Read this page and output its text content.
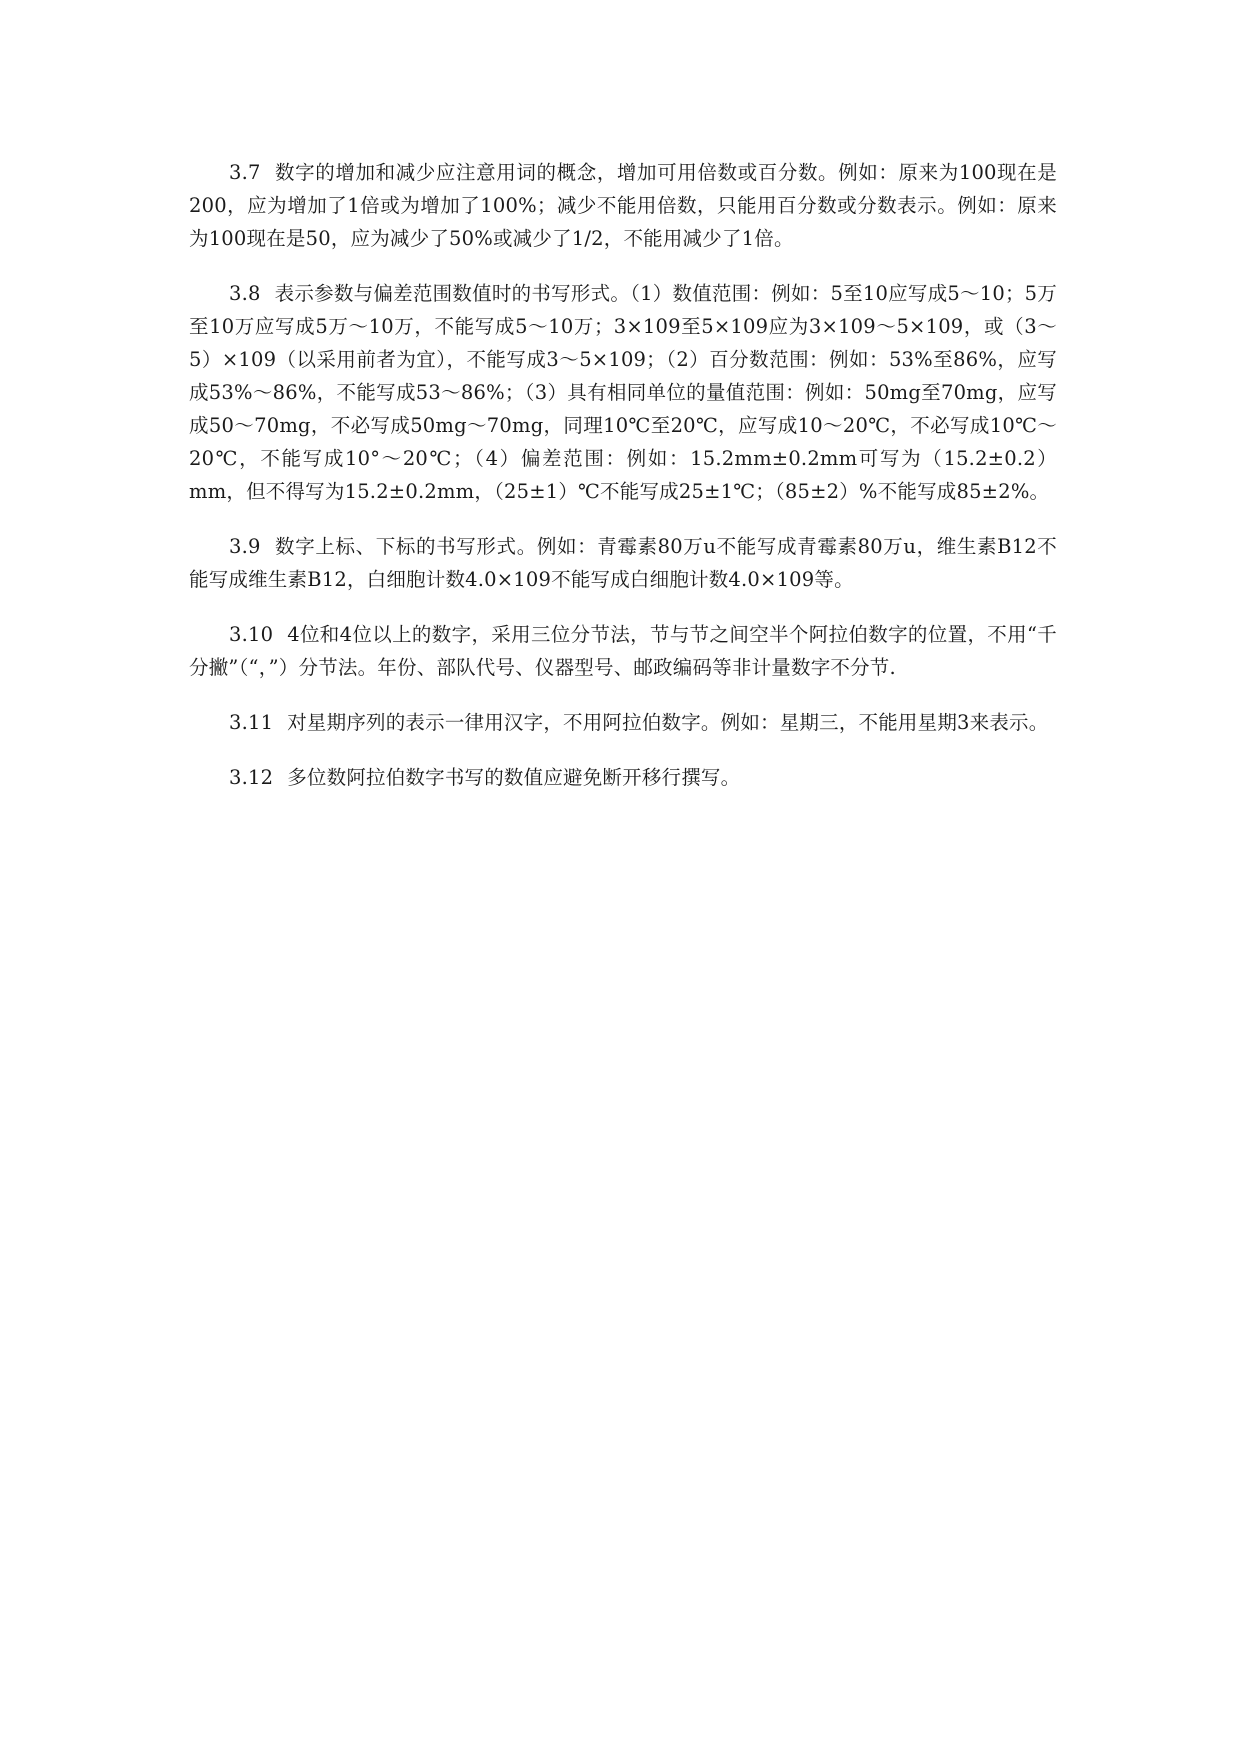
3.7 数字的增加和减少应注意用词的概念，增加可用倍数或百分数。例如：原来为100现在是200，应为增加了1倍或为增加了100%；减少不能用倍数，只能用百分数或分数表示。例如：原来为100现在是50，应为减少了50%或减少了1/2，不能用减少了1倍。

3.8 表示参数与偏差范围数值时的书写形式。（1）数值范围：例如：5至10应写成5～10；5万至10万应写成5万～10万，不能写成5～10万；3×109至5×109应为3×109～5×109，或（3～5）×109（以采用前者为宜），不能写成3～5×109；（2）百分数范围：例如：53%至86%，应写成53%～86%，不能写成53～86%；（3）具有相同单位的量值范围：例如：50mg至70mg，应写成50～70mg，不必写成50mg～70mg，同理10℃至20℃，应写成10～20℃，不必写成10℃～20℃，不能写成10°～20℃；（4）偏差范围：例如：15.2mm±0.2mm可写为（15.2±0.2）mm，但不得写为15.2±0.2mm，（25±1）℃不能写成25±1℃；（85±2）%不能写成85±2%。

3.9 数字上标、下标的书写形式。例如：青霉素80万u不能写成青霉素80万u，维生素B12不能写成维生素B12，白细胞计数4.0×109不能写成白细胞计数4.0×109等。

3.10 4位和4位以上的数字，采用三位分节法，节与节之间空半个阿拉伯数字的位置，不用“千分撇”（“，”）分节法。年份、部队代号、仪器型号、邮政编码等非计量数字不分节.

3.11 对星期序列的表示一律用汉字，不用阿拉伯数字。例如：星期三，不能用星期3来表示。

3.12 多位数阿拉伯数字书写的数值应避免断开移行撰写。
